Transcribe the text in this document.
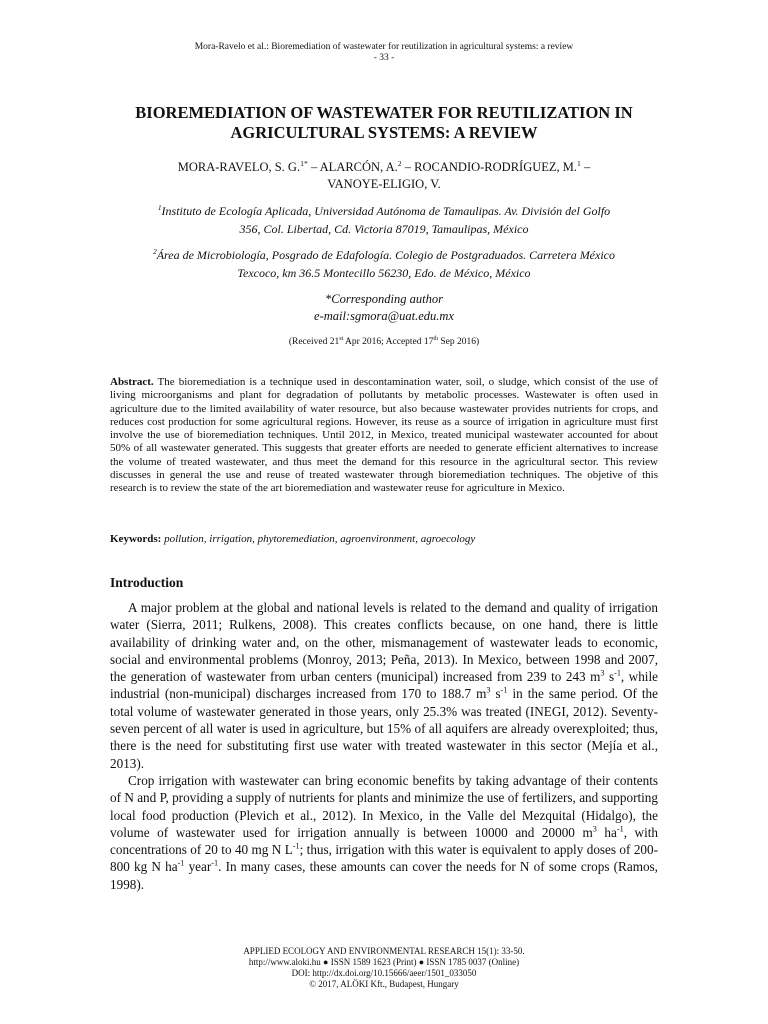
Mora-Ravelo et al.: Bioremediation of wastewater for reutilization in agricultural systems: a review
- 33 -
BIOREMEDIATION OF WASTEWATER FOR REUTILIZATION IN
AGRICULTURAL SYSTEMS: A REVIEW
MORA-RAVELO, S. G.$^{1*}$ – ALARCÓN, A.$^2$ – ROCANDIO-RODRÍGUEZ, M.$^1$ –
VANOYE-ELIGIO, V.
$^1$Instituto de Ecología Aplicada, Universidad Autónoma de Tamaulipas. Av. División del Golfo
356, Col. Libertad, Cd. Victoria 87019, Tamaulipas, México
$^2$Área de Microbiología, Posgrado de Edafología. Colegio de Postgraduados. Carretera México
Texcoco, km 36.5 Montecillo 56230, Edo. de México, México
*Corresponding author
e-mail:sgmora@uat.edu.mx
(Received 21st Apr 2016; Accepted 17th Sep 2016)
Abstract. The bioremediation is a technique used in descontamination water, soil, o sludge, which consist of the use of living microorganisms and plant for degradation of pollutants by metabolic processes. Wastewater is often used in agriculture due to the limited availability of water resource, but also because wastewater provides nutrients for crops, and reduces cost production for some agricultural regions. However, its reuse as a source of irrigation in agriculture must first involve the use of bioremediation techniques. Until 2012, in Mexico, treated municipal wastewater accounted for about 50% of all wastewater generated. This suggests that greater efforts are needed to generate efficient alternatives to increase the volume of treated wastewater, and thus meet the demand for this resource in the agricultural sector. This review discusses in general the use and reuse of treated wastewater through bioremediation techniques. The objetive of this research is to review the state of the art bioremediation and wastewater reuse for agriculture in Mexico.
Keywords: pollution, irrigation, phytoremediation, agroenvironment, agroecology
Introduction

A major problem at the global and national levels is related to the demand and quality of irrigation water (Sierra, 2011; Rulkens, 2008). This creates conflicts because, on one hand, there is little availability of drinking water and, on the other, mismanagement of wastewater leads to economic, social and environmental problems (Monroy, 2013; Peña, 2013). In Mexico, between 1998 and 2007, the generation of wastewater from urban centers (municipal) increased from 239 to 243 $m^3$ $s^{-1}$, while industrial (non-municipal) discharges increased from 170 to 188.7 $m^3$ $s^{-1}$ in the same period. Of the total volume of wastewater generated in those years, only 25.3% was treated (INEGI, 2012). Seventy-seven percent of all water is used in agriculture, but 15% of all aquifers are already overexploited; thus, there is the need for substituting first use water with treated wastewater in this sector (Mejía et al., 2013).

Crop irrigation with wastewater can bring economic benefits by taking advantage of their contents of N and P, providing a supply of nutrients for plants and minimize the use of fertilizers, and supporting local food production (Plevich et al., 2012). In Mexico, in the Valle del Mezquital (Hidalgo), the volume of wastewater used for irrigation annually is between 10000 and 20000 $m^3$ $ha^{-1}$, with concentrations of 20 to 40 mg N $L^{-1}$; thus, irrigation with this water is equivalent to apply doses of 200-800 kg N $ha^{-1}$ year$^{-1}$. In many cases, these amounts can cover the needs for N of some crops (Ramos, 1998).

APPLIED ECOLOGY AND ENVIRONMENTAL RESEARCH 15(1): 33-50.
http://www.aloki.hu ● ISSN 1589 1623 (Print) ● ISSN 1785 0037 (Online)
DOI: http://dx.doi.org/10.15666/aeer/1501_033050
© 2017, ALÖKI Kft., Budapest, Hungary
